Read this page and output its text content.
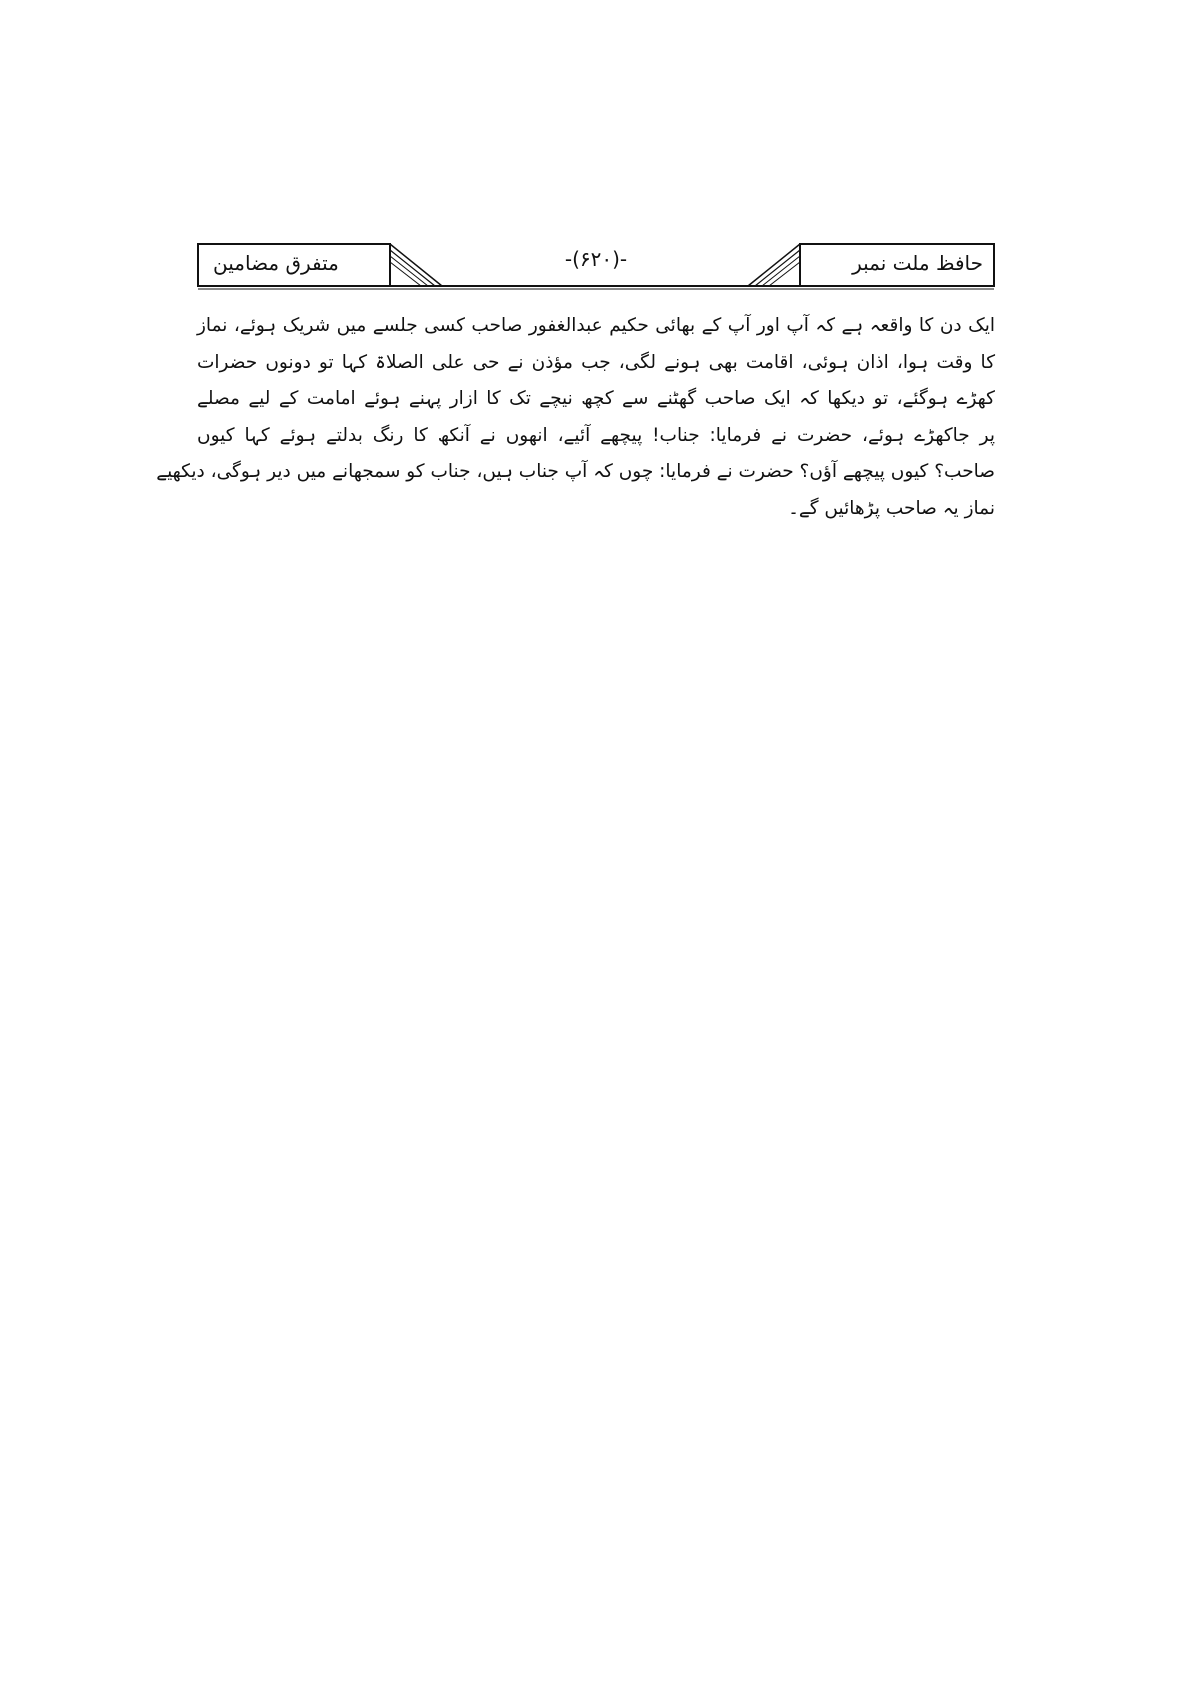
حافظ ملت نمبر
-(۶۲۰)-
متفرق مضامین
ایک دن کا واقعہ ہے کہ آپ اور آپ کے بھائی حکیم عبدالغفور صاحب کسی جلسے میں شریک ہوئے، نماز
کا وقت ہوا، اذان ہوئی، اقامت بھی ہونے لگی، جب مؤذن نے حی علی الصلاۃ کہا تو دونوں حضرات
کھڑے ہوگئے، تو دیکھا کہ ایک صاحب گھٹنے سے کچھ نیچے تک کا ازار پہنے ہوئے امامت کے لیے مصلے
پر جاکھڑے ہوئے، حضرت نے فرمایا: جناب! پیچھے آئیے، انھوں نے آنکھ کا رنگ بدلتے ہوئے کہا کیوں
صاحب؟ کیوں پیچھے آؤں؟ حضرت نے فرمایا: چوں کہ آپ جناب ہیں، جناب کو سمجھانے میں دیر ہوگی، دیکھیے
نماز یہ صاحب پڑھائیں گے۔
